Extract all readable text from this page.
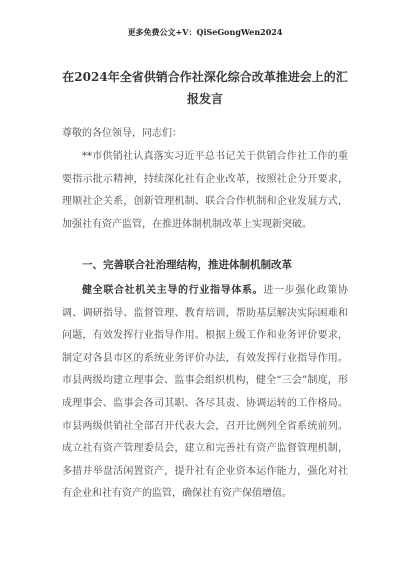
更多免费公文+V：QiSeGongWen2024
在2024年全省供销合作社深化综合改革推进会上的汇报发言
尊敬的各位领导，同志们：
**市供销社认真落实习近平总书记关于供销合作社工作的重要指示批示精神，持续深化社有企业改革，按照社企分开要求，理顺社企关系，创新管理机制、联合合作机制和企业发展方式，加强社有资产监管，在推进体制机制改革上实现新突破。
一、完善联合社治理结构，推进体制机制改革
健全联合社机关主导的行业指导体系。进一步强化政策协调、调研指导、监督管理、教育培训，帮助基层解决实际困难和问题，有效发挥行业指导作用。根据上级工作和业务评价要求，制定对各县市区的系统业务评价办法，有效发挥行业指导作用。市县两级均建立理事会、监事会组织机构，健全“三会”制度，形成理事会、监事会各司其职、各尽其责、协调运转的工作格局。市县两级供销社全部召开代表大会，召开比例列全省系统前列。成立社有资产管理委员会，建立和完善社有资产监督管理机制，多措并举盘活闲置资产，提升社有企业资本运作能力，强化对社有企业和社有资产的监管，确保社有资产保值增值。
